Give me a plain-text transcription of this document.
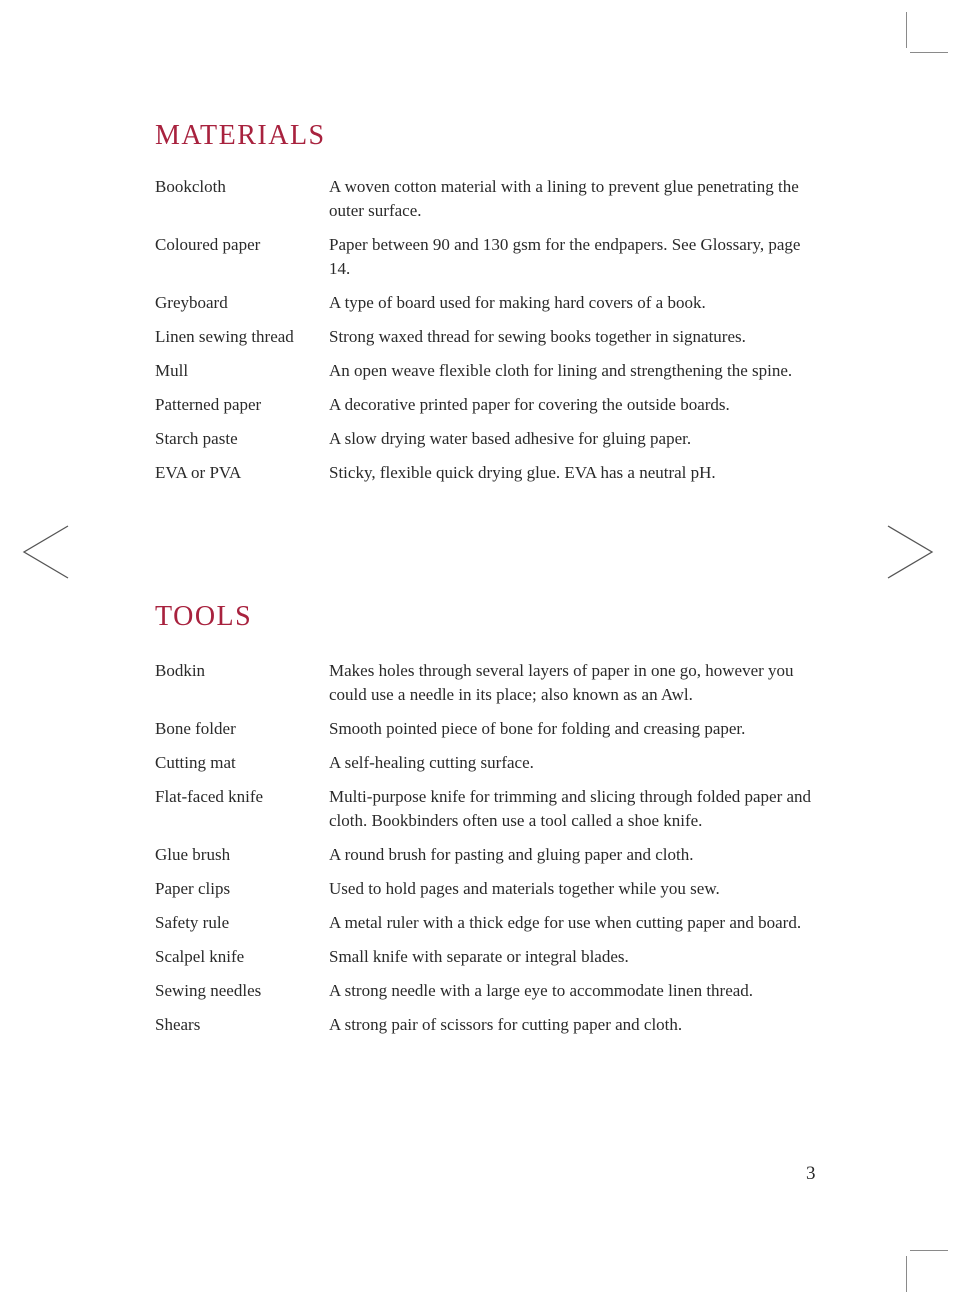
MATERIALS
Bookcloth	A woven cotton material with a lining to prevent glue penetrating the outer surface.
Coloured paper	Paper between 90 and 130 gsm for the endpapers. See Glossary, page 14.
Greyboard	A type of board used for making hard covers of a book.
Linen sewing thread	Strong waxed thread for sewing books together in signatures.
Mull	An open weave flexible cloth for lining and strengthening the spine.
Patterned paper	A decorative printed paper for covering the outside boards.
Starch paste	A slow drying water based adhesive for gluing paper.
EVA or PVA	Sticky, flexible quick drying glue. EVA has a neutral pH.
TOOLS
Bodkin	Makes holes through several layers of paper in one go, however you could use a needle in its place; also known as an Awl.
Bone folder	Smooth pointed piece of bone for folding and creasing paper.
Cutting mat	A self-healing cutting surface.
Flat-faced knife	Multi-purpose knife for trimming and slicing through folded paper and cloth. Bookbinders often use a tool called a shoe knife.
Glue brush	A round brush for pasting and gluing paper and cloth.
Paper clips	Used to hold pages and materials together while you sew.
Safety rule	A metal ruler with a thick edge for use when cutting paper and board.
Scalpel knife	Small knife with separate or integral blades.
Sewing needles	A strong needle with a large eye to accommodate linen thread.
Shears	A strong pair of scissors for cutting paper and cloth.
3
